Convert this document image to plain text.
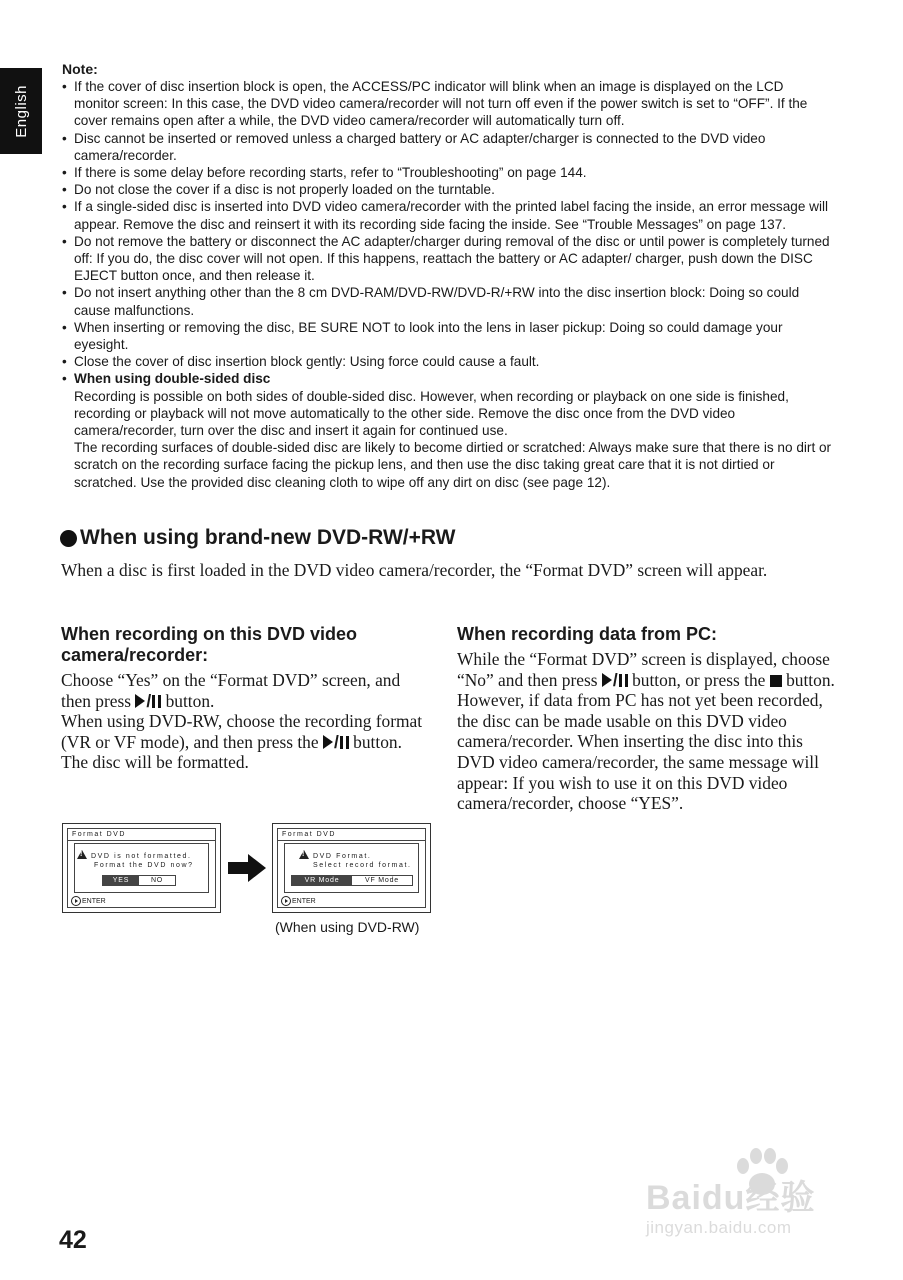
English

Note:

• If the cover of disc insertion block is open, the ACCESS/PC indicator will blink when an image is displayed on the LCD monitor screen: In this case, the DVD video camera/recorder will not turn off even if the power switch is set to “OFF”. If the cover remains open after a while, the DVD video camera/recorder will automatically turn off.
• Disc cannot be inserted or removed unless a charged battery or AC adapter/charger is connected to the DVD video camera/recorder.
• If there is some delay before recording starts, refer to “Troubleshooting” on page 144.
• Do not close the cover if a disc is not properly loaded on the turntable.
• If a single-sided disc is inserted into DVD video camera/recorder with the printed label facing the inside, an error message will appear. Remove the disc and reinsert it with its recording side facing the inside. See “Trouble Messages” on page 137.
• Do not remove the battery or disconnect the AC adapter/charger during removal of the disc or until power is completely turned off: If you do, the disc cover will not open. If this happens, reattach the battery or AC adapter/ charger, push down the DISC EJECT button once, and then release it.
• Do not insert anything other than the 8 cm DVD-RAM/DVD-RW/DVD-R/+RW into the disc insertion block: Doing so could cause malfunctions.
• When inserting or removing the disc, BE SURE NOT to look into the lens in laser pickup: Doing so could damage your eyesight.
• Close the cover of disc insertion block gently: Using force could cause a fault.
• When using double-sided disc
Recording is possible on both sides of double-sided disc. However, when recording or playback on one side is finished, recording or playback will not move automatically to the other side. Remove the disc once from the DVD video camera/recorder, turn over the disc and insert it again for continued use.
The recording surfaces of double-sided disc are likely to become dirtied or scratched: Always make sure that there is no dirt or scratch on the recording surface facing the pickup lens, and then use the disc taking great care that it is not dirtied or scratched. Use the provided disc cleaning cloth to wipe off any dirt on disc (see page 12).
When using brand-new DVD-RW/+RW

When a disc is first loaded in the DVD video camera/recorder, the “Format DVD” screen will appear.

When recording on this DVD video camera/recorder:

Choose “Yes” on the “Format DVD” screen, and then press / button.

When using DVD-RW, choose the recording format (VR or VF mode), and then press the / button.

The disc will be formatted.

When recording data from PC:

While the “Format DVD” screen is displayed, choose “No” and then press / button, or press the  button.

However, if data from PC has not yet been recorded, the disc can be made usable on this DVD video camera/recorder. When inserting the disc into this DVD video camera/recorder, the same message will appear: If you wish to use it on this DVD video camera/recorder, choose “YES”.

Format DVD
!
DVD is not formatted.
Format the DVD now?
YES	NO
ENTER
Format DVD
!
DVD Format.
Select record format.
VR Mode	VF Mode
ENTER

(When using DVD-RW)

42

Baidu经验
jingyan.baidu.com
